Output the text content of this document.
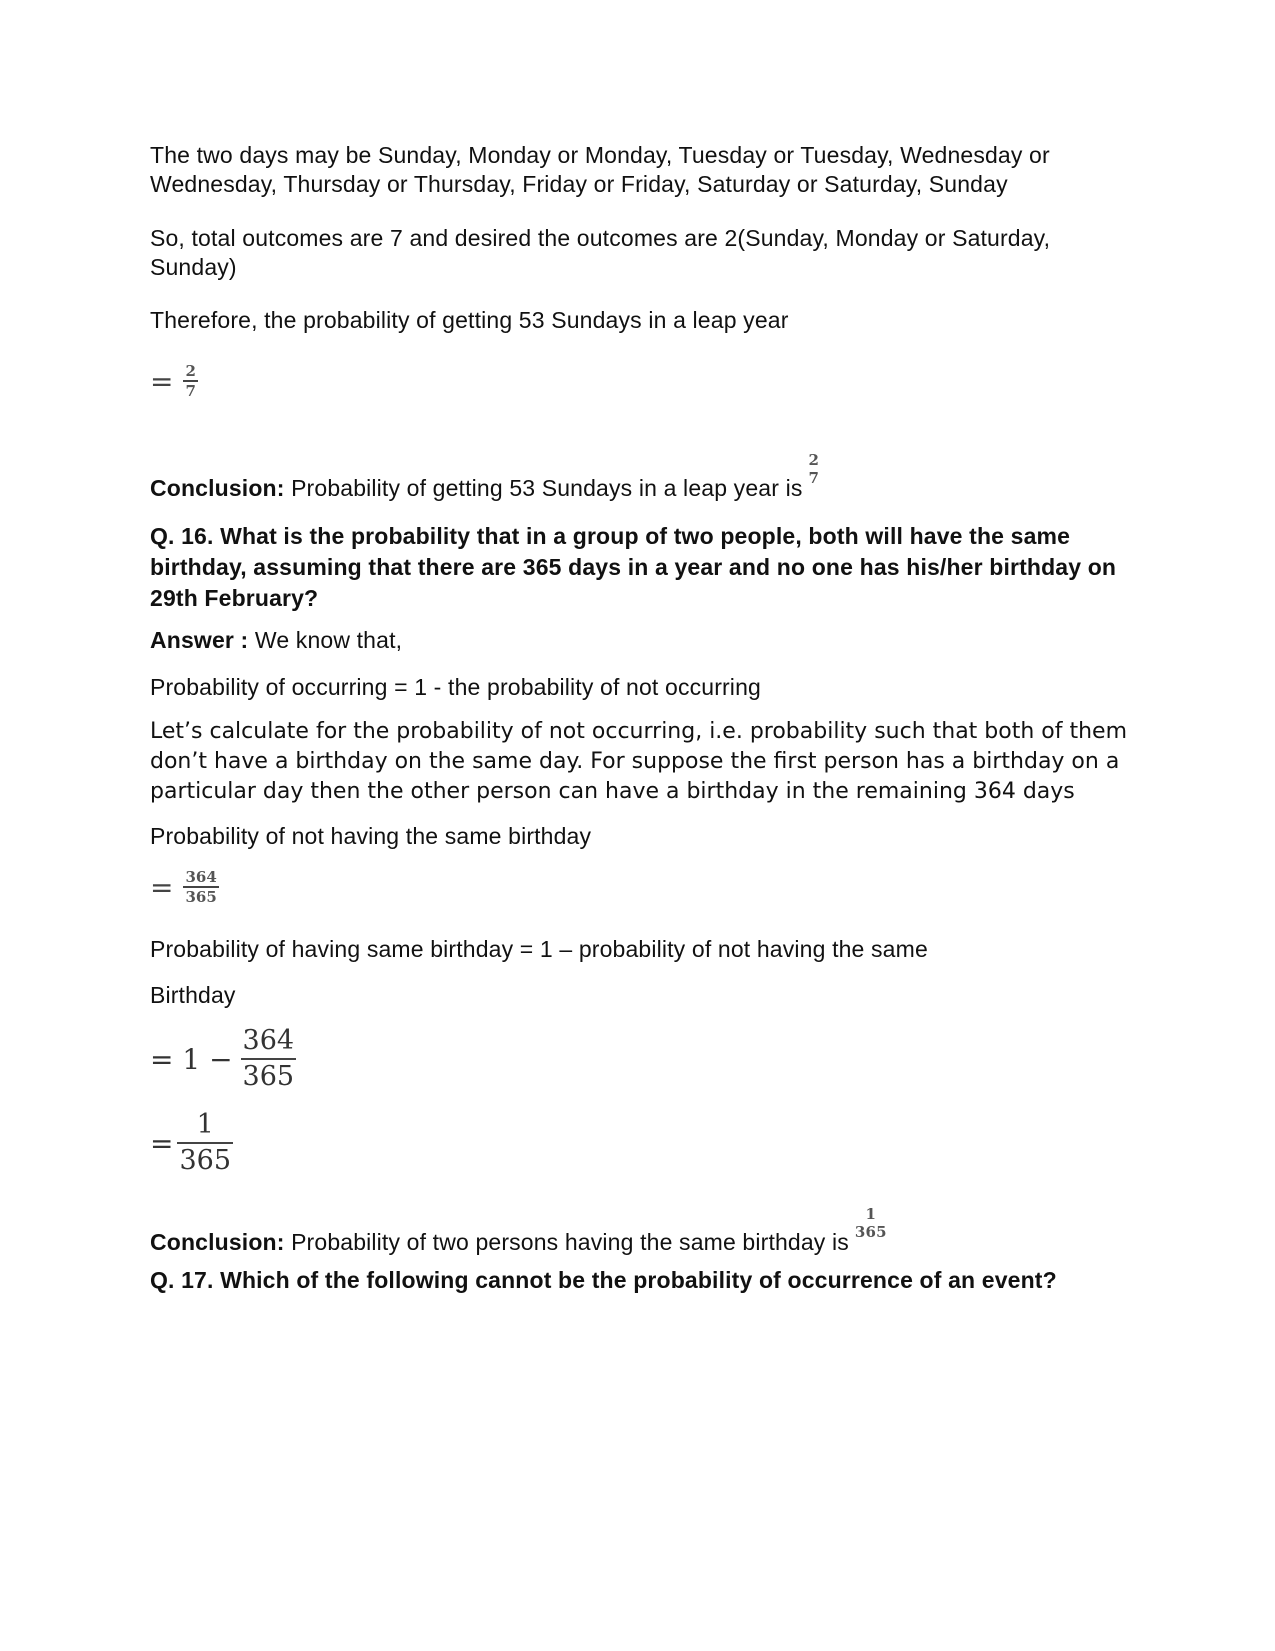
The two days may be Sunday, Monday or Monday, Tuesday or Tuesday, Wednesday or Wednesday, Thursday or Thursday, Friday or Friday, Saturday or Saturday, Sunday
So, total outcomes are 7 and desired the outcomes are 2(Sunday, Monday or Saturday, Sunday)
Therefore, the probability of getting 53 Sundays in a leap year
= $\frac{2}{7}$
Conclusion: Probability of getting 53 Sundays in a leap year is
2
7
Q. 16. What is the probability that in a group of two people, both will have the same birthday, assuming that there are 365 days in a year and no one has his/her birthday on 29th February?
Answer : We know that,
Probability of occurring = 1 - the probability of not occurring
Let’s calculate for the probability of not occurring, i.e. probability such that both of them don’t have a birthday on the same day. For suppose the first person has a birthday on a particular day then the other person can have a birthday in the remaining 364 days
Probability of not having the same birthday
= $\frac{364}{365}$
Probability of having same birthday = 1 – probability of not having the same
Birthday
= $1 - \frac{364}{365}$
= $\frac{1}{365}$
Conclusion: Probability of two persons having the same birthday is
1
365
Q. 17. Which of the following cannot be the probability of occurrence of an event?
